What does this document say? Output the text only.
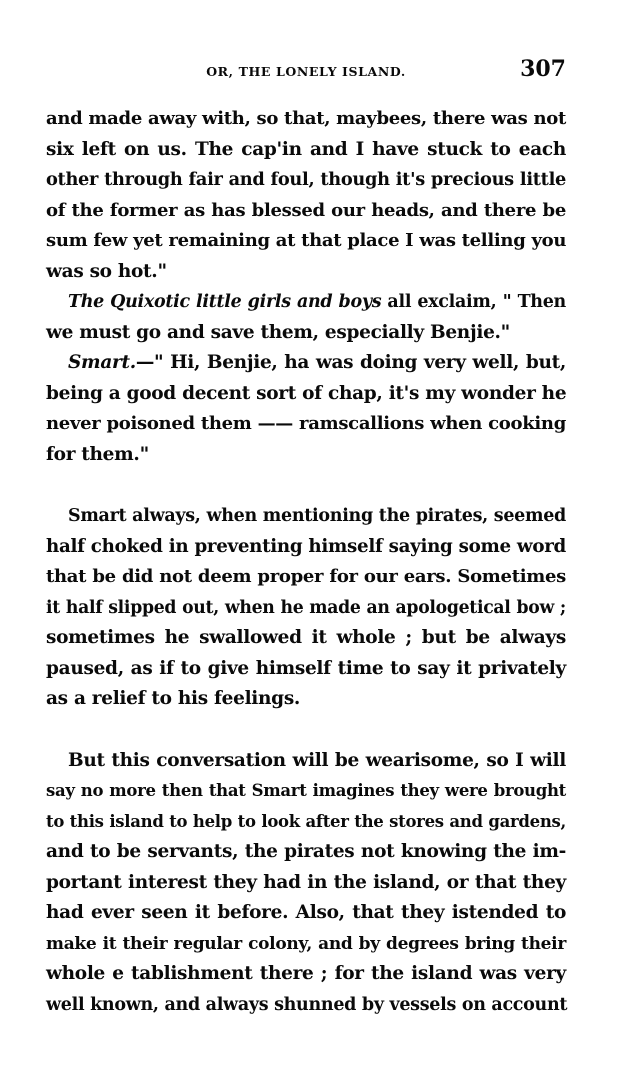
OR, THE LONELY ISLAND.	307
and made away with, so that, maybees, there was not
six left on us. The cap'in and I have stuck to each
other through fair and foul, though it's precious little
of the former as has blessed our heads, and there be
sum few yet remaining at that place I was telling you
was so hot."
The Quixotic little girls and boys all exclaim, " Then
we must go and save them, especially Benjie."
Smart.—" Hi, Benjie, ha was doing very well, but,
being a good decent sort of chap, it's my wonder he
never poisoned them —— ramscallions when cooking
for them."
Smart always, when mentioning the pirates, seemed
half choked in preventing himself saying some word
that be did not deem proper for our ears. Sometimes
it half slipped out, when he made an apologetical bow ;
sometimes he swallowed it whole ; but be always
paused, as if to give himself time to say it privately
as a relief to his feelings.
But this conversation will be wearisome, so I will
say no more then that Smart imagines they were brought
to this island to help to look after the stores and gardens,
and to be servants, the pirates not knowing the im-
portant interest they had in the island, or that they
had ever seen it before. Also, that they istended to
make it their regular colony, and by degrees bring their
whole e tablishment there ; for the island was very
well known, and always shunned by vessels on account
